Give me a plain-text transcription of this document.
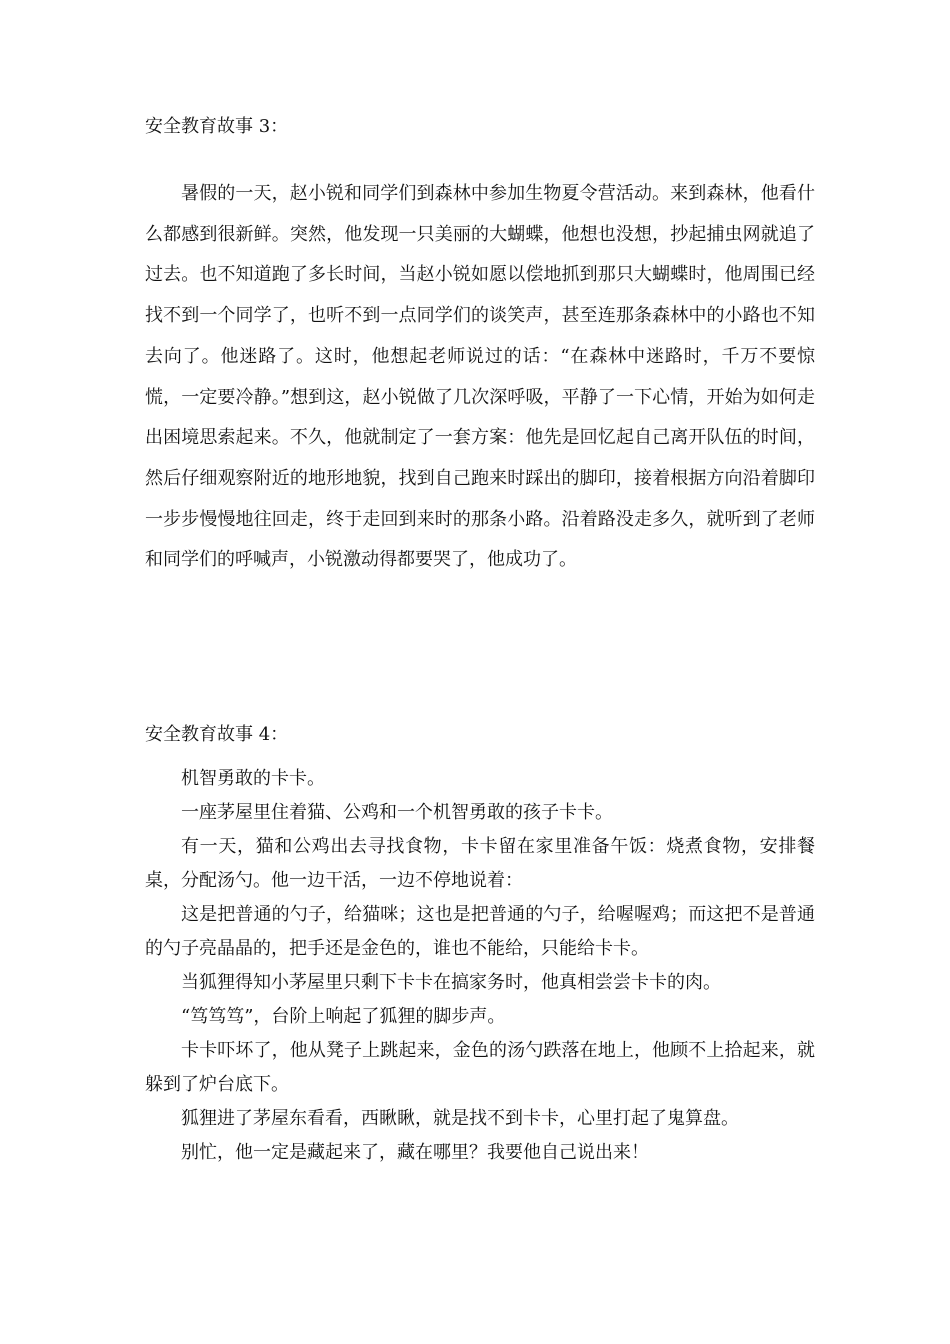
安全教育故事 3：

暑假的一天，赵小锐和同学们到森林中参加生物夏令营活动。来到森林，他看什么都感到很新鲜。突然，他发现一只美丽的大蝴蝶，他想也没想，抄起捕虫网就追了过去。也不知道跑了多长时间，当赵小锐如愿以偿地抓到那只大蝴蝶时，他周围已经找不到一个同学了，也听不到一点同学们的谈笑声，甚至连那条森林中的小路也不知去向了。他迷路了。这时，他想起老师说过的话：“在森林中迷路时，千万不要惊慌，一定要冷静。”想到这，赵小锐做了几次深呼吸，平静了一下心情，开始为如何走出困境思索起来。不久，他就制定了一套方案：他先是回忆起自己离开队伍的时间，然后仔细观察附近的地形地貌，找到自己跑来时踩出的脚印，接着根据方向沿着脚印一步步慢慢地往回走，终于走回到来时的那条小路。沿着路没走多久，就听到了老师和同学们的呼喊声，小锐激动得都要哭了，他成功了。

安全教育故事 4：

机智勇敢的卡卡。

一座茅屋里住着猫、公鸡和一个机智勇敢的孩子卡卡。

有一天，猫和公鸡出去寻找食物，卡卡留在家里准备午饭：烧煮食物，安排餐桌，分配汤勺。他一边干活，一边不停地说着：

这是把普通的勺子，给猫咪；这也是把普通的勺子，给喔喔鸡；而这把不是普通的勺子亮晶晶的，把手还是金色的，谁也不能给，只能给卡卡。

当狐狸得知小茅屋里只剩下卡卡在搞家务时，他真相尝尝卡卡的肉。

“笃笃笃”，台阶上响起了狐狸的脚步声。

卡卡吓坏了，他从凳子上跳起来，金色的汤勺跌落在地上，他顾不上拾起来，就躲到了炉台底下。

狐狸进了茅屋东看看，西瞅瞅，就是找不到卡卡，心里打起了鬼算盘。

别忙，他一定是藏起来了，藏在哪里？我要他自己说出来！
